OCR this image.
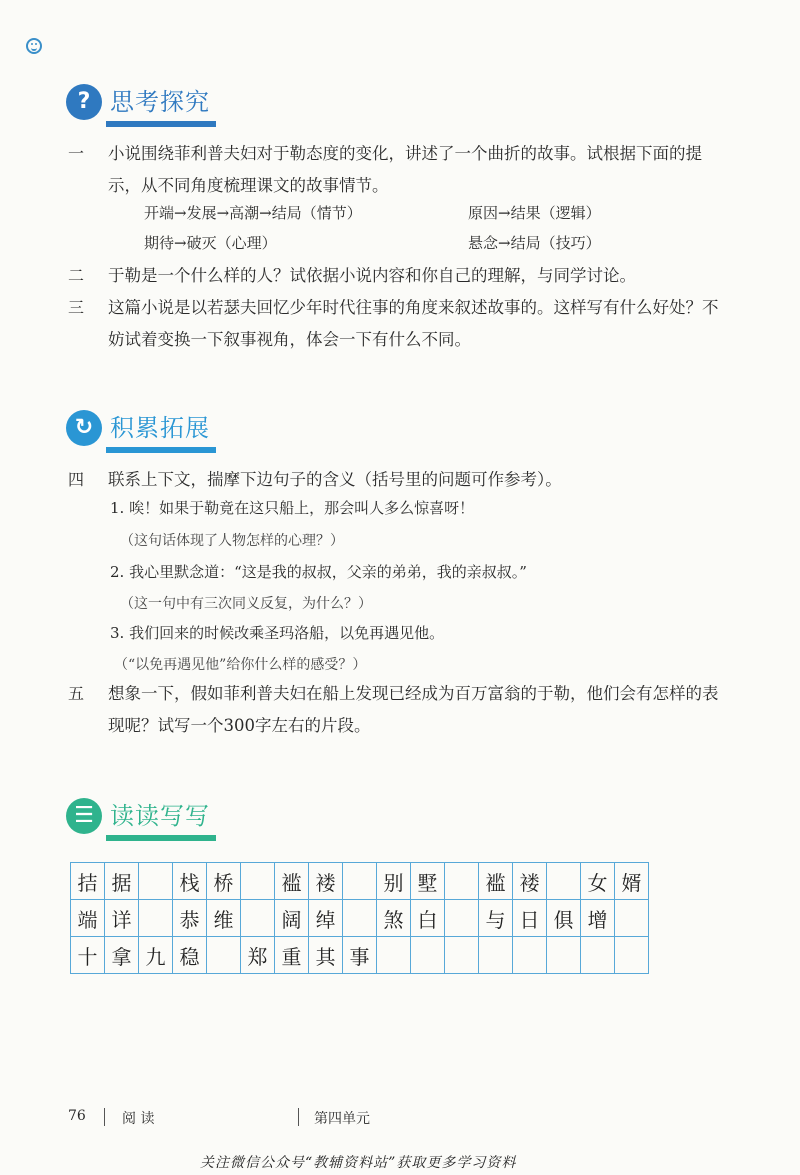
? 思考探究
一 小说围绕菲利普夫妇对于勒态度的变化，讲述了一个曲折的故事。试根据下面的提示，从不同角度梳理课文的故事情节。
开端→发展→高潮→结局（情节）	原因→结果（逻辑）
期待→破灭（心理）	悬念→结局（技巧）
二 于勒是一个什么样的人？试依据小说内容和你自己的理解，与同学讨论。
三 这篇小说是以若瑟夫回忆少年时代往事的角度来叙述故事的。这样写有什么好处？不妨试着变换一下叙事视角，体会一下有什么不同。
↻ 积累拓展
四 联系上下文，揣摩下边句子的含义（括号里的问题可作参考）。
1. 唉！如果于勒竟在这只船上，那会叫人多么惊喜呀！
（这句话体现了人物怎样的心理？）
2. 我心里默念道：“这是我的叔叔，父亲的弟弟，我的亲叔叔。”
（这一句中有三次同义反复，为什么？）
3. 我们回来的时候改乘圣玛洛船，以免再遇见他。
（“以免再遇见他”给你什么样的感受？）
五 想象一下，假如菲利普夫妇在船上发现已经成为百万富翁的于勒，他们会有怎样的表现呢？试写一个300字左右的片段。
☰ 读读写写
拮	据		栈	桥		褴	褛		别	墅		褴	褛		女	婿
端	详		恭	维		阔	绰		煞	白		与	日	俱	增	
十	拿	九	稳		郑	重	其	事								
76	阅 读	第四单元
关注微信公众号“教辅资料站”获取更多学习资料
